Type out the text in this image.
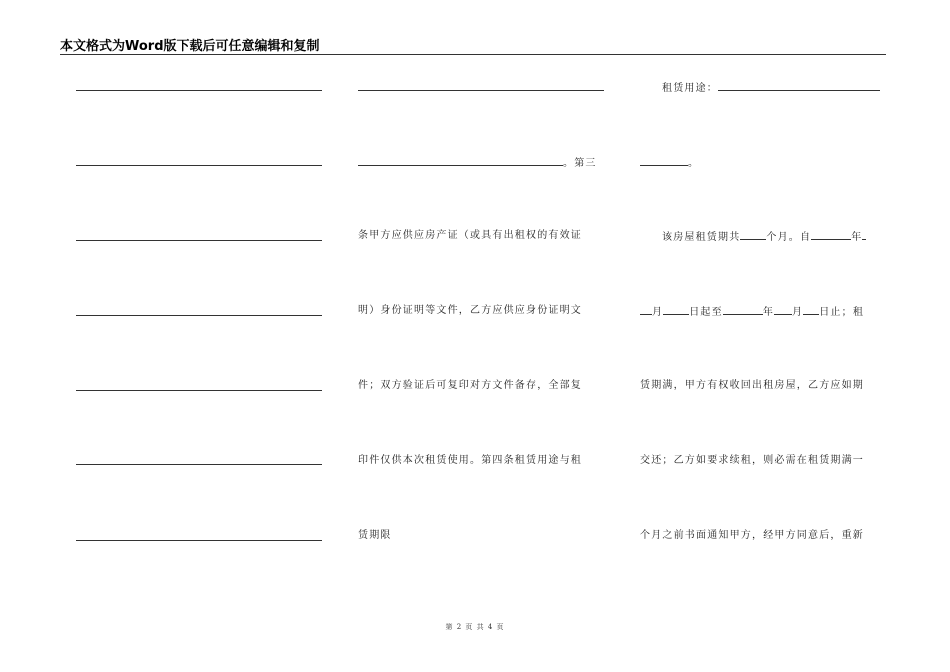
本文格式为Word版下载后可任意编辑和复制
。第三
条甲方应供应房产证（或具有出租权的有效证
明）身份证明等文件，乙方应供应身份证明文
件；双方验证后可复印对方文件备存，全部复
印件仅供本次租赁使用。第四条租赁用途与租
赁期限
租赁用途：
。
该房屋租赁期共	个月。自	年
月	日起至	年 月 日止；租
赁期满，甲方有权收回出租房屋，乙方应如期
交还；乙方如要求续租，则必需在租赁期满一
个月之前书面通知甲方，经甲方同意后，重新
第 2 页 共 4 页
